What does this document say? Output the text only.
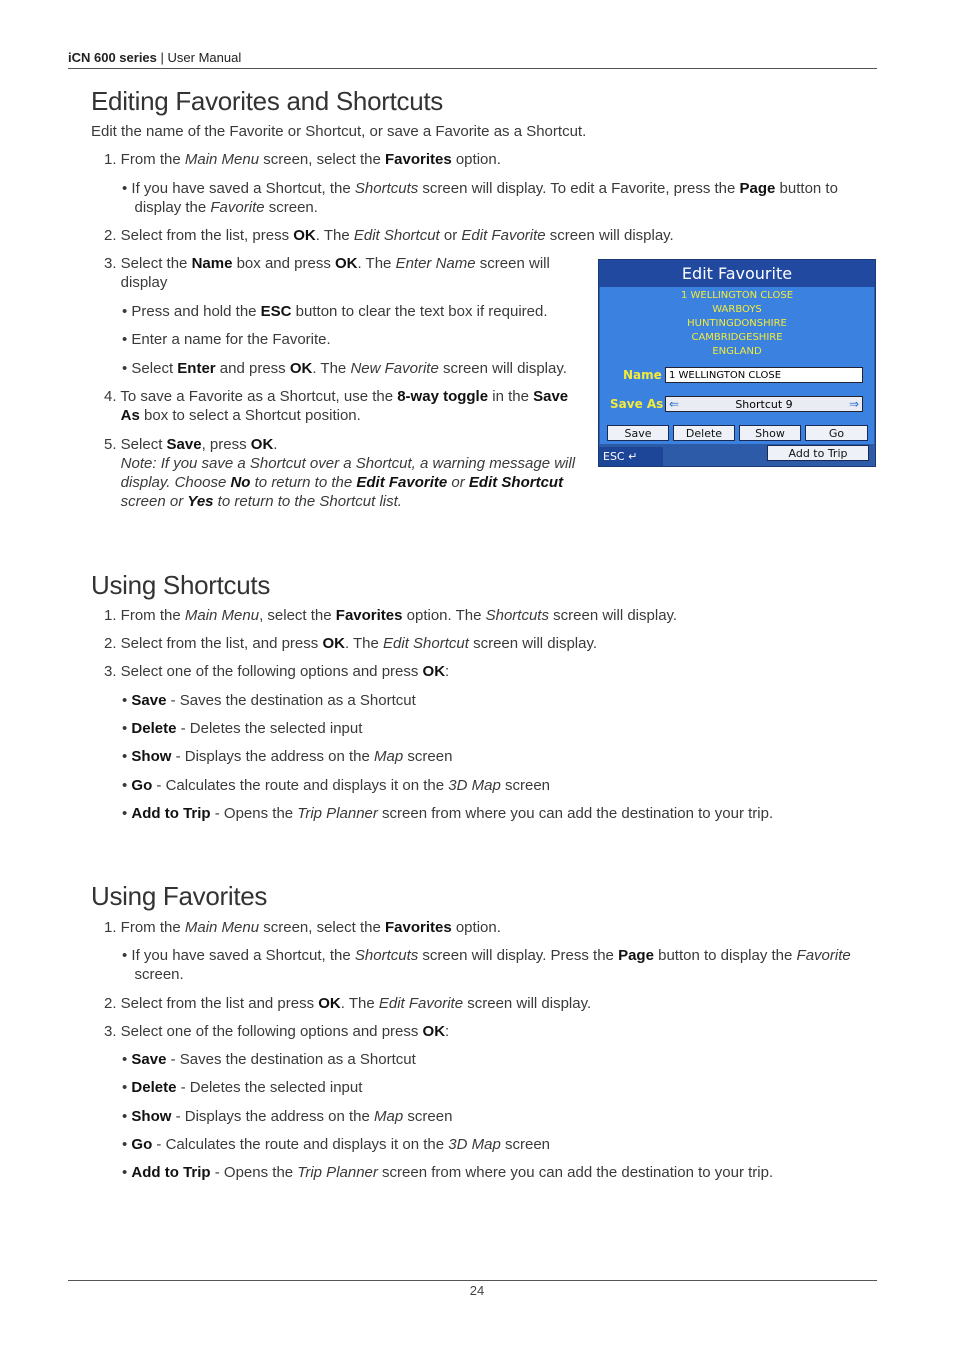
iCN 600 series | User Manual
Editing Favorites and Shortcuts

Edit the name of the Favorite or Shortcut, or save a Favorite as a Shortcut.

1. From the Main Menu screen, select the Favorites option.

• If you have saved a Shortcut, the Shortcuts screen will display. To edit a Favorite, press the Page button to
display the Favorite screen.

2. Select from the list, press OK. The Edit Shortcut or Edit Favorite screen will display.

3. Select the Name box and press OK. The Enter Name screen will
display

• Press and hold the ESC button to clear the text box if required.

• Enter a name for the Favorite.

• Select Enter and press OK. The New Favorite screen will display.

4. To save a Favorite as a Shortcut, use the 8-way toggle in the Save
As box to select a Shortcut position.

5. Select Save, press OK.
Note: If you save a Shortcut over a Shortcut, a warning message will
display. Choose No to return to the Edit Favorite or Edit Shortcut
screen or Yes to return to the Shortcut list.

Edit Favourite
1 WELLINGTON CLOSE
WARBOYS
HUNTINGDONSHIRE
CAMBRIDGESHIRE
ENGLAND
Name 1 WELLINGTON CLOSE
Save As ⇐	Shortcut 9	⇒
Save	Delete	Show	Go
Add to Trip
ESC ↵
Using Shortcuts

1. From the Main Menu, select the Favorites option. The Shortcuts screen will display.

2. Select from the list, and press OK. The Edit Shortcut screen will display.

3. Select one of the following options and press OK:

• Save - Saves the destination as a Shortcut

• Delete - Deletes the selected input

• Show - Displays the address on the Map screen

• Go - Calculates the route and displays it on the 3D Map screen

• Add to Trip - Opens the Trip Planner screen from where you can add the destination to your trip.

Using Favorites

1. From the Main Menu screen, select the Favorites option.

• If you have saved a Shortcut, the Shortcuts screen will display. Press the Page button to display the Favorite
screen.

2. Select from the list and press OK. The Edit Favorite screen will display.

3. Select one of the following options and press OK:

• Save - Saves the destination as a Shortcut

• Delete - Deletes the selected input

• Show - Displays the address on the Map screen

• Go - Calculates the route and displays it on the 3D Map screen

• Add to Trip - Opens the Trip Planner screen from where you can add the destination to your trip.

24
